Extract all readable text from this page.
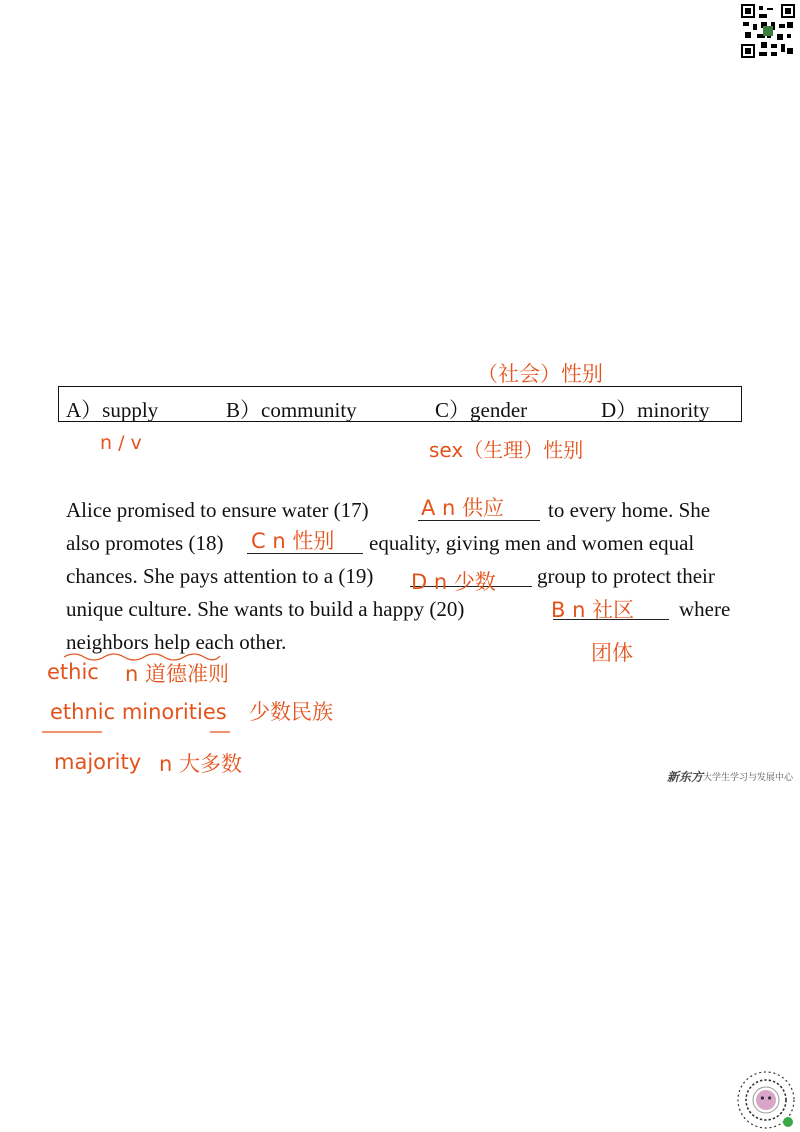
A）supply	B）community	C）gender	D）minority
（社会）性别
n / v	sex（生理）性别
Alice promised to ensure water (17)	to every home. She
also promotes (18)	equality, giving men and women equal
chances. She pays attention to a (19)	group to protect their
unique culture. She wants to build a happy (20)	where
neighbors help each other.
A n 供应
C n 性别
D n 少数
B n 社区
团体
ethic n 道德准则
ethnic minorities 少数民族
majority n 大多数
新东方 大学生学习与发展中心
